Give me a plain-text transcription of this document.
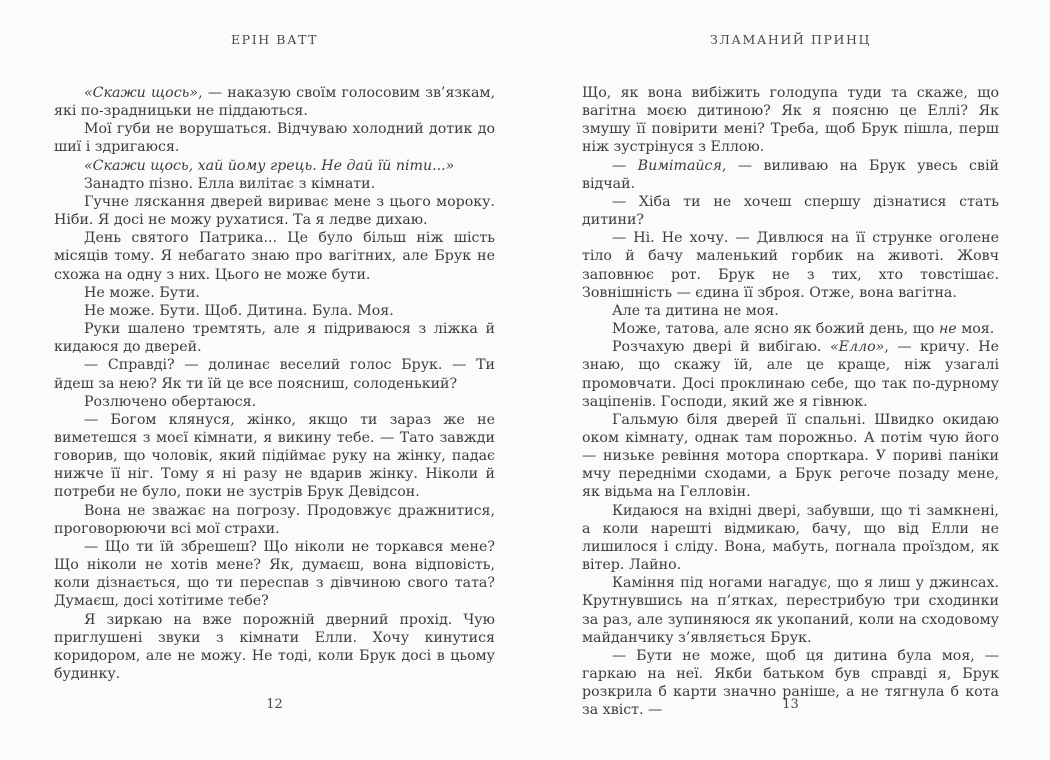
ЕРІН ВАТТ	ЗЛАМАНИЙ ПРИНЦ

«Скажи щось», — наказую своїм голосовим зв’язкам, які по-зрадницьки не піддаються.

Мої губи не ворушаться. Відчуваю холодний дотик до шиї і здригаюся.

«Скажи щось, хай йому грець. Не дай їй піти...»

Занадто пізно. Елла вилітає з кімнати.

Гучне ляскання дверей вириває мене з цього мороку. Ніби. Я досі не можу рухатися. Та я ледве дихаю.

День святого Патрика... Це було більш ніж шість місяців тому. Я небагато знаю про вагітних, але Брук не схожа на одну з них. Цього не може бути.

Не може. Бути.

Не може. Бути. Щоб. Дитина. Була. Моя.

Руки шалено тремтять, але я підриваюся з ліжка й кидаюся до дверей.

— Справді? — долинає веселий голос Брук. — Ти йдеш за нею? Як ти їй це все поясниш, солоденький?

Розлючено обертаюся.

— Богом клянуся, жінко, якщо ти зараз же не виметешся з моєї кімнати, я викину тебе. — Тато завжди говорив, що чоловік, який підіймає руку на жінку, падає нижче її ніг. Тому я ні разу не вдарив жінку. Ніколи й потреби не було, поки не зустрів Брук Девідсон.

Вона не зважає на погрозу. Продовжує дражнитися, проговорюючи всі мої страхи.

— Що ти їй збрешеш? Що ніколи не торкався мене? Що ніколи не хотів мене? Як, думаєш, вона відповість, коли дізнається, що ти переспав з дівчиною свого тата? Думаєш, досі хотітиме тебе?

Я зиркаю на вже порожній дверний прохід. Чую приглушені звуки з кімнати Елли. Хочу кинутися коридором, але не можу. Не тоді, коли Брук досі в цьому будинку.

Що, як вона вибіжить голодупа туди та скаже, що вагітна моєю дитиною? Як я поясню це Еллі? Як змушу її повірити мені? Треба, щоб Брук пішла, перш ніж зустрінуся з Еллою.

— Вимітайся, — виливаю на Брук увесь свій відчай.

— Хіба ти не хочеш спершу дізнатися стать дитини?

— Ні. Не хочу. — Дивлюся на її струнке оголене тіло й бачу маленький горбик на животі. Жовч заповнює рот. Брук не з тих, хто товстішає. Зовнішність — єдина її зброя. Отже, вона вагітна.

Але та дитина не моя.

Може, татова, але ясно як божий день, що не моя.

Розчахую двері й вибігаю. «Елло», — кричу. Не знаю, що скажу їй, але це краще, ніж узагалі промовчати. Досі проклинаю себе, що так по-дурному заціпенів. Господи, який же я гівнюк.

Гальмую біля дверей її спальні. Швидко окидаю оком кімнату, однак там порожньо. А потім чую його — низьке ревіння мотора спорткара. У пориві паніки мчу передніми сходами, а Брук регоче позаду мене, як відьма на Гелловін.

Кидаюся на вхідні двері, забувши, що ті замкнені, а коли нарешті відмикаю, бачу, що від Елли не лишилося і сліду. Вона, мабуть, погнала проїздом, як вітер. Лайно.

Каміння під ногами нагадує, що я лиш у джинсах. Крутнувшись на п’ятках, перестрибую три сходинки за раз, але зупиняюся як укопаний, коли на сходовому майданчику з’являється Брук.

— Бути не може, щоб ця дитина була моя, — гаркаю на неї. Якби батьком був справді я, Брук розкрила б карти значно раніше, а не тягнула б кота за хвіст. —

12	13
